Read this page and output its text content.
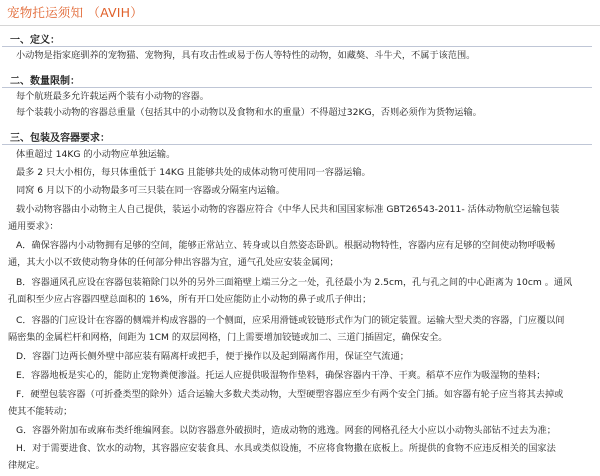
宠物托运须知 （AVIH）
一、定义：
小动物是指家庭驯养的宠物猫、宠物狗，具有攻击性或易于伤人等特性的动物，如藏獒、斗牛犬，不属于该范围。
二、数量限制：
每个航班最多允许载运两个装有小动物的容器。
每个装载小动物的容器总重量（包括其中的小动物以及食物和水的重量）不得超过32KG，否则必须作为货物运输。
三、包装及容器要求：
体重超过 14KG 的小动物应单独运输。
最多 2 只大小相仿，每只体重低于 14KG 且能够共处的成体动物可使用同一容器运输。
同窝 6 月以下的小动物最多可三只装在同一容器或分隔室内运输。
载小动物容器由小动物主人自己提供，装运小动物的容器应符合《中华人民共和国国家标准 GBT26543-2011- 活体动物航空运输包装
通用要求》：
A．确保容器内小动物拥有足够的空间，能够正常站立、转身或以自然姿态卧趴。根据动物特性，容器内应有足够的空间使动物呼吸畅
通，其大小以不致使动物身体的任何部分伸出容器为宜，通气孔处应安装金属网；
B．容器通风孔应设在容器包装箱除门以外的另外三面箱壁上端三分之一处，孔径最小为 2.5cm，孔与孔之间的中心距离为 10cm 。通风
孔面积至少应占容器四壁总面积的 16%，所有开口处应能防止小动物的鼻子或爪子伸出；
C．容器的门应设计在容器的侧端并构成容器的一个侧面，应采用滑链或铰链形式作为门的锁定装置。运输大型犬类的容器，门应覆以间
隔密集的金属栏杆和网格，间距为 1CM 的双层网格，门上需要增加铰链或加二、三道门插固定，确保安全。
D．容器门边两长侧外壁中部应装有隔离杆或把手，便于操作以及起到隔离作用，保证空气流通；
E．容器地板是实心的，能防止宠物粪便渗溢。托运人应提供吸湿物作垫料，确保容器内干净、干爽。稻草不应作为吸湿物的垫料；
F．硬塑包装容器（可折叠类型的除外）适合运输大多数犬类动物，大型硬塑容器应至少有两个安全门插。如容器有轮子应当将其去掉或
使其不能转动；
G．容器外附加布或麻布类纤维编网套。以防容器意外破损时，造成动物的逃逸。网套的网格孔径大小应以小动物头部钻不过去为准；
H．对于需要进食、饮水的动物，其容器应安装食具、水具或类似设施，不应将食物撒在底板上。所提供的食物不应违反相关的国家法
律规定。
